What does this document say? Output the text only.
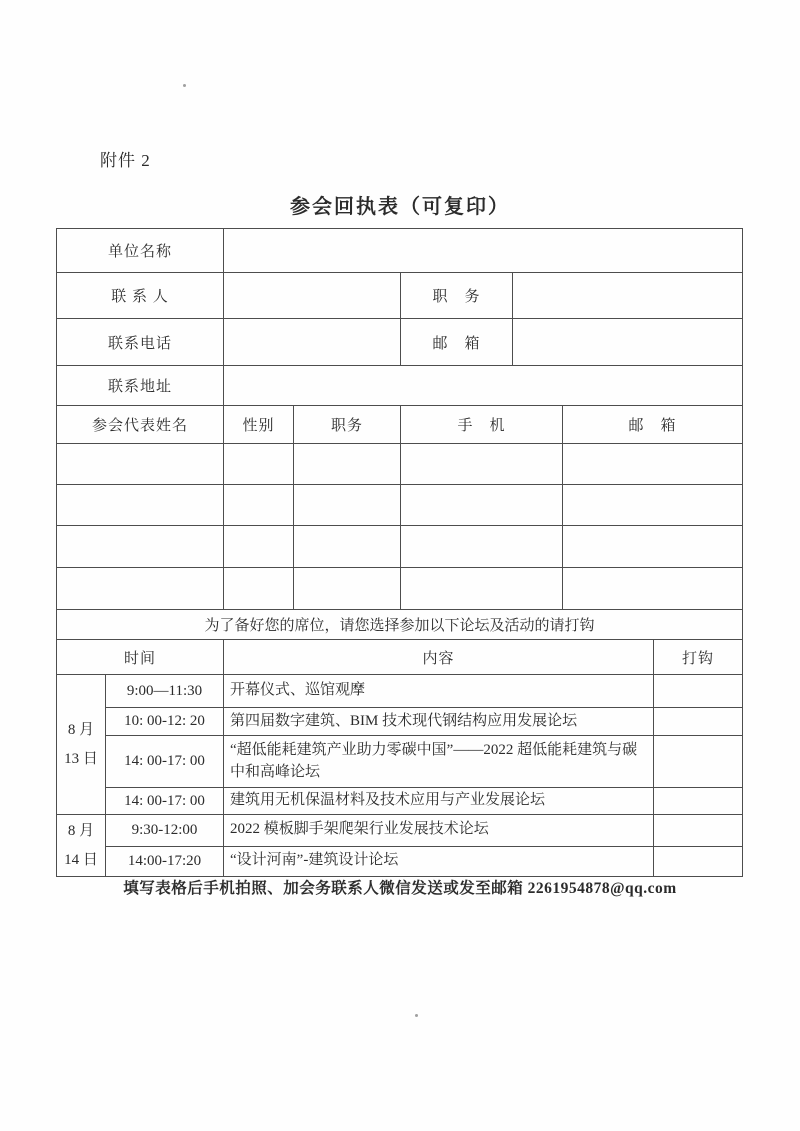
附件 2
参会回执表（可复印）
单位名称							
联 系 人				职　务			
联系电话				邮　箱			
联系地址							
参会代表姓名		性别	职务	手　机		邮　箱	

为了备好您的席位，请您选择参加以下论坛及活动的请打钩							
时间		内容					打钩

8 月
13 日	9:00—11:30	开幕仪式、巡馆观摩					
	10: 00-12: 20	第四届数字建筑、BIM 技术现代钢结构应用发展论坛					
	14: 00-17: 00	“超低能耗建筑产业助力零碳中国”——2022 超低能耗建筑与碳中和高峰论坛					
	14: 00-17: 00	建筑用无机保温材料及技术应用与产业发展论坛					

8 月
14 日	9:30-12:00	2022 模板脚手架爬架行业发展技术论坛					
	14:00-17:20	“设计河南”-建筑设计论坛					
填写表格后手机拍照、加会务联系人微信发送或发至邮箱 2261954878@qq.com
